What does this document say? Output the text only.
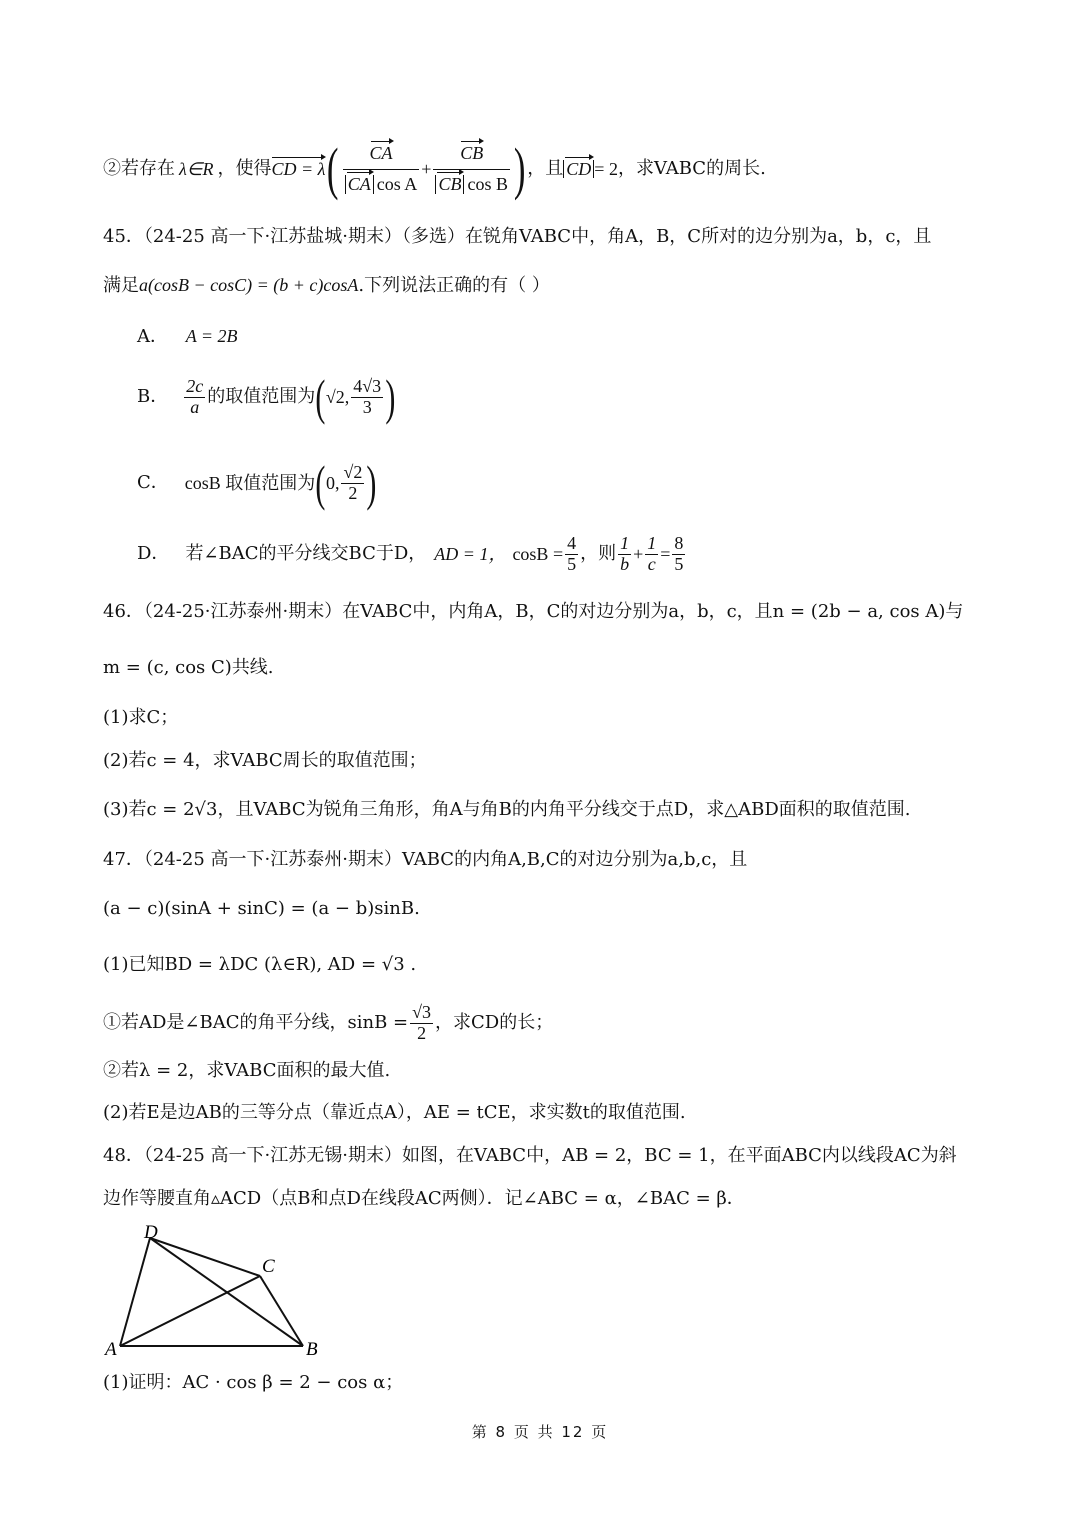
②若存在 λ∈R ，使得 CD = λ ( $\frac{CA}{\text{CA cos A}} + \frac{CB}{\text{CB cos B}}$ ) ，且 CD = 2 ，求VABC的周长.
45．（24-25 高一下·江苏盐城·期末）（多选）在锐角VABC中，角A，B，C所对的边分别为a，b，c，且
满足a(cosB − cosC) = (b + c)cosA.下列说法正确的有（ ）
A． A = 2B
B． $\frac{2c}{a}$ 的取值范围为 ( √2, $\frac{4√3}{3}$ )
C． cosB 取值范围为 ( 0, $\frac{√2}{2}$ )
D． 若∠BAC的平分线交BC于D， AD = 1， $\cos B = \frac{4}{5}$ ，则 $\frac{1}{b} + \frac{1}{c} = \frac{8}{5}$
46．（24-25·江苏泰州·期末）在VABC中，内角A，B，C的对边分别为a，b，c，且n = (2b − a, cos A)与
m = (c, cos C)共线.
(1)求C；
(2)若c = 4，求VABC周长的取值范围；
(3)若c = 2√3，且VABC为锐角三角形，角A与角B的内角平分线交于点D，求△ABD面积的取值范围.
47．（24-25 高一下·江苏泰州·期末）VABC的内角A,B,C的对边分别为a,b,c，且
(a − c)(sinA + sinC) = (a − b)sinB.
(1)已知BD = λDC (λ∈R), AD = √3 .
①若AD是∠BAC的角平分线，$\sin B = \frac{√3}{2}$ ，求CD的长；
②若λ = 2，求VABC面积的最大值.
(2)若E是边AB的三等分点（靠近点A），AE = tCE，求实数t的取值范围.
48．（24-25 高一下·江苏无锡·期末）如图，在VABC中，AB = 2，BC = 1，在平面ABC内以线段AC为斜
边作等腰直角▵ACD（点B和点D在线段AC两侧）．记∠ABC = α，∠BAC = β．
D
C
A	B
(1)证明：AC · cos β = 2 − cos α；
第 8 页 共 12 页
